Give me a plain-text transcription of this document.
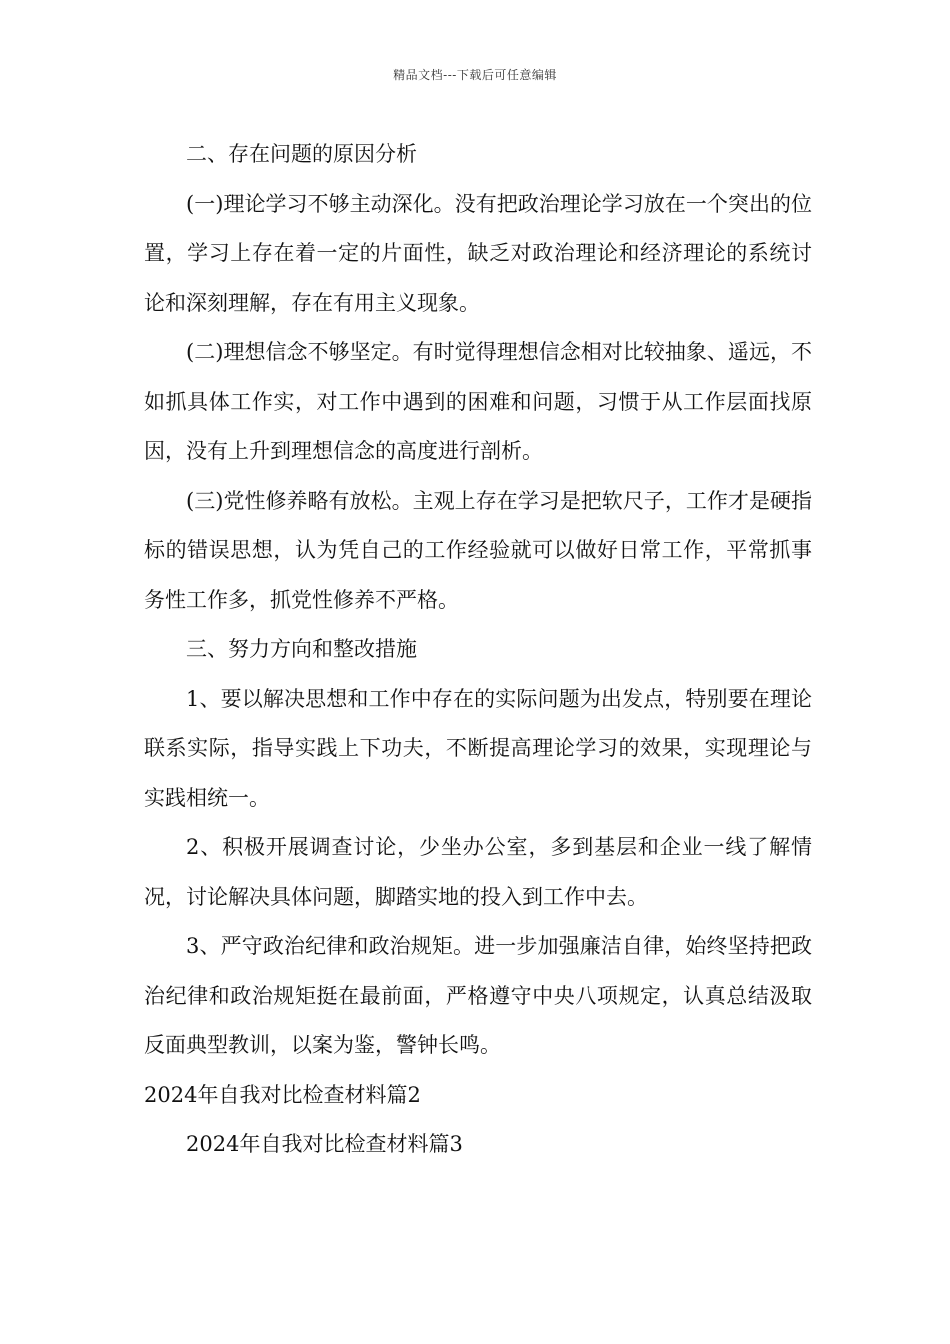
精品文档---下载后可任意编辑

二、存在问题的原因分析

(一)理论学习不够主动深化。没有把政治理论学习放在一个突出的位置，学习上存在着一定的片面性，缺乏对政治理论和经济理论的系统讨论和深刻理解，存在有用主义现象。

(二)理想信念不够坚定。有时觉得理想信念相对比较抽象、遥远，不如抓具体工作实，对工作中遇到的困难和问题，习惯于从工作层面找原因，没有上升到理想信念的高度进行剖析。

(三)党性修养略有放松。主观上存在学习是把软尺子，工作才是硬指标的错误思想，认为凭自己的工作经验就可以做好日常工作，平常抓事务性工作多，抓党性修养不严格。

三、努力方向和整改措施

1、要以解决思想和工作中存在的实际问题为出发点，特别要在理论联系实际，指导实践上下功夫，不断提高理论学习的效果，实现理论与实践相统一。

2、积极开展调查讨论，少坐办公室，多到基层和企业一线了解情况，讨论解决具体问题，脚踏实地的投入到工作中去。

3、严守政治纪律和政治规矩。进一步加强廉洁自律，始终坚持把政治纪律和政治规矩挺在最前面，严格遵守中央八项规定，认真总结汲取反面典型教训，以案为鉴，警钟长鸣。

2024年自我对比检查材料篇2

2024年自我对比检查材料篇3
